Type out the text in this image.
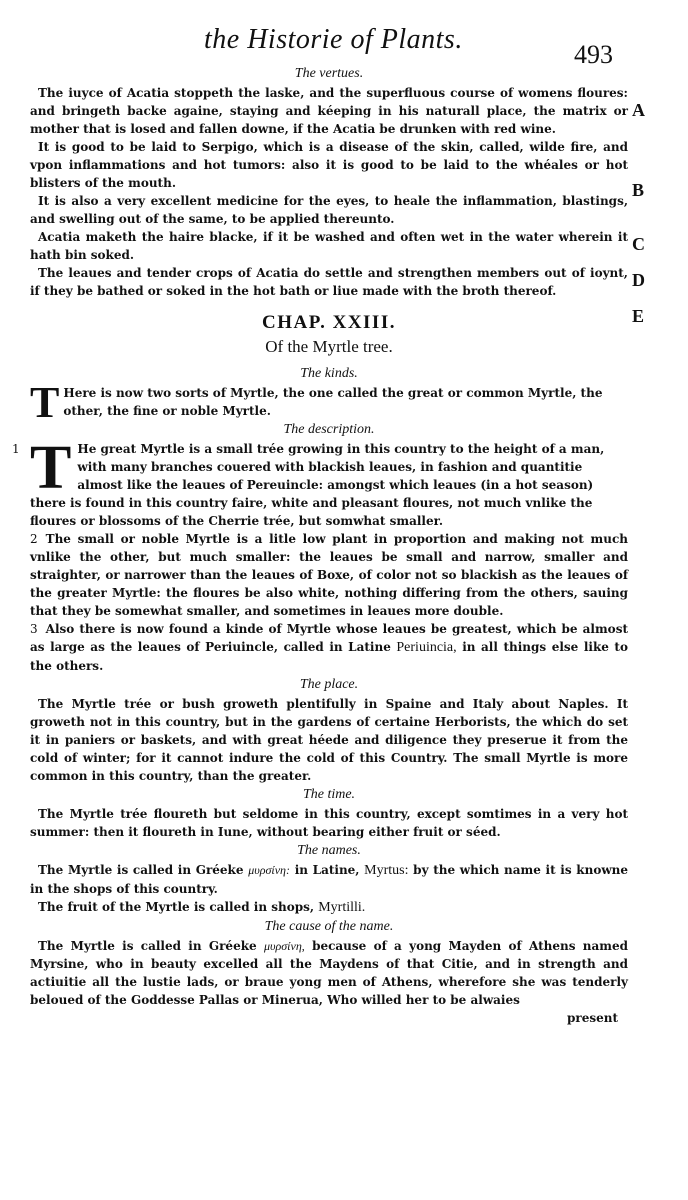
the Historie of Plants.	493
A
B
C
D
E

The vertues.

The iuyce of Acatia stoppeth the laske, and the superfluous course of womens floures: and bringeth backe againe, staying and kéeping in his naturall place, the matrix or mother that is losed and fallen downe, if the Acatia be drunken with red wine.

It is good to be laid to Serpigo, which is a disease of the skin, called, wilde fire, and vpon inflammations and hot tumors: also it is good to be laid to the whéales or hot blisters of the mouth.

It is also a very excellent medicine for the eyes, to heale the inflammation, blastings, and swelling out of the same, to be applied thereunto.

Acatia maketh the haire blacke, if it be washed and often wet in the water wherein it hath bin soked.

The leaues and tender crops of Acatia do settle and strengthen members out of ioynt, if they be bathed or soked in the hot bath or liue made with the broth thereof.

CHAP. XXIII.
Of the Myrtle tree.

The kinds.

T Here is now two sorts of Myrtle, the one called the great or common Myrtle, the other, the fine or noble Myrtle.

The description.

1 T He great Myrtle is a small trée growing in this country to the height of a man, with many branches couered with blackish leaues, in fashion and quantitie almost like the leaues of Pereuincle: amongst which leaues (in a hot season) there is found in this country faire, white and pleasant floures, not much vnlike the floures or blossoms of the Cherrie trée, but somwhat smaller.

2 The small or noble Myrtle is a litle low plant in proportion and making not much vnlike the other, but much smaller: the leaues be small and narrow, smaller and straighter, or narrower than the leaues of Boxe, of color not so blackish as the leaues of the greater Myrtle: the floures be also white, nothing differing from the others, sauing that they be somewhat smaller, and sometimes in leaues more double.

3 Also there is now found a kinde of Myrtle whose leaues be greatest, which be almost as large as the leaues of Periuincle, called in Latine Periuincia, in all things else like to the others.

The place.

The Myrtle trée or bush groweth plentifully in Spaine and Italy about Naples. It groweth not in this country, but in the gardens of certaine Herborists, the which do set it in paniers or baskets, and with great héede and diligence they preserue it from the cold of winter; for it cannot indure the cold of this Country. The small Myrtle is more common in this country, than the greater.

The time.

The Myrtle trée floureth but seldome in this country, except somtimes in a very hot summer: then it floureth in Iune, without bearing either fruit or séed.

The names.

The Myrtle is called in Gréeke μυρσίνη: in Latine, Myrtus: by the which name it is knowne in the shops of this country.

The fruit of the Myrtle is called in shops, Myrtilli.

The cause of the name.

The Myrtle is called in Gréeke μυρσίνη, because of a yong Mayden of Athens named Myrsine, who in beauty excelled all the Maydens of that Citie, and in strength and actiuitie all the lustie lads, or braue yong men of Athens, wherefore she was tenderly beloued of the Goddesse Pallas or Minerua, Who willed her to be alwaies

present
